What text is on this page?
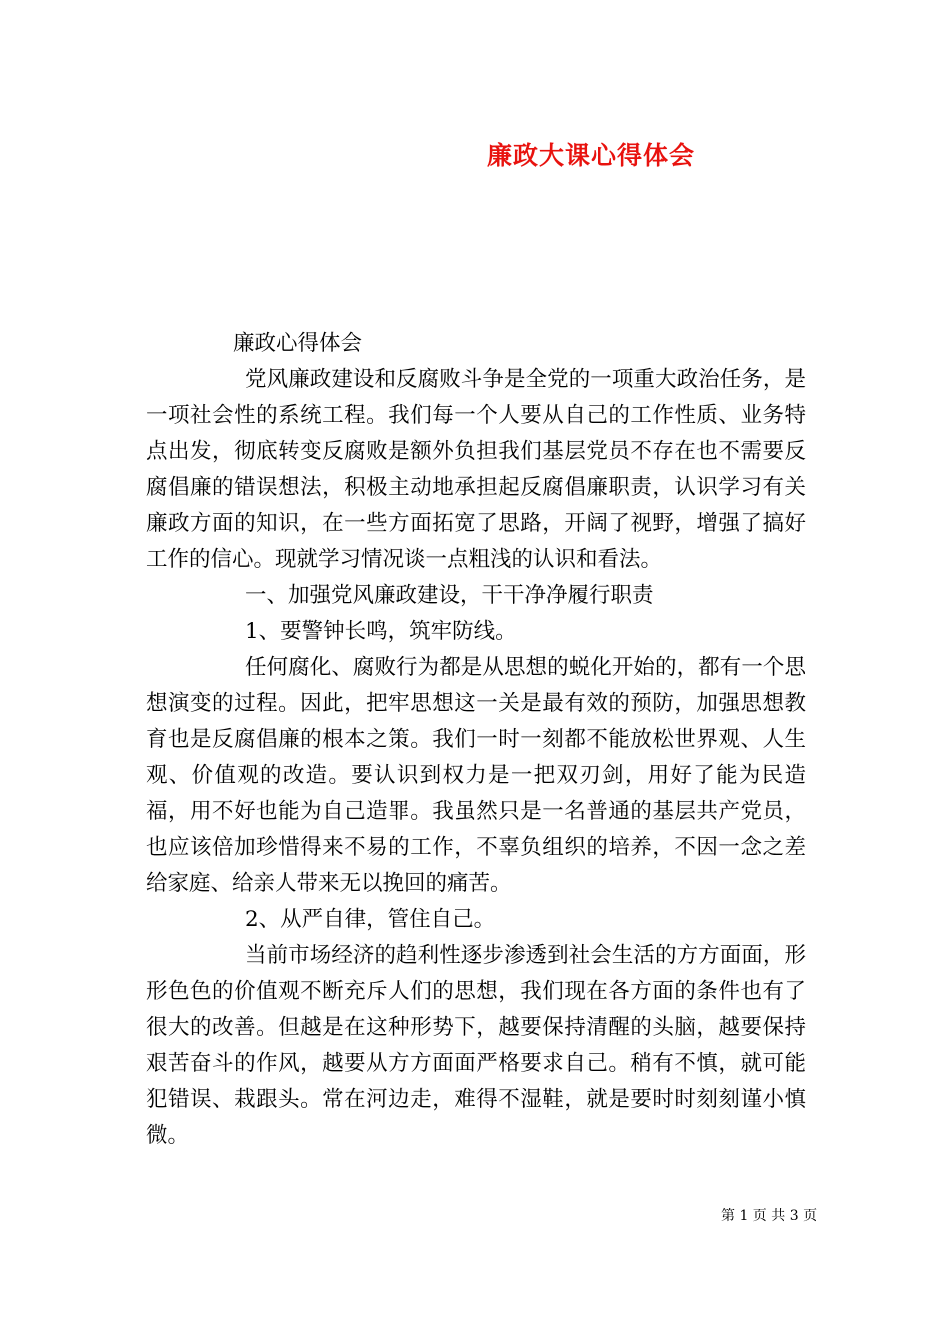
廉政大课心得体会

廉政心得体会

党风廉政建设和反腐败斗争是全党的一项重大政治任务，是一项社会性的系统工程。我们每一个人要从自己的工作性质、业务特点出发，彻底转变反腐败是额外负担我们基层党员不存在也不需要反腐倡廉的错误想法，积极主动地承担起反腐倡廉职责，认识学习有关廉政方面的知识，在一些方面拓宽了思路，开阔了视野，增强了搞好工作的信心。现就学习情况谈一点粗浅的认识和看法。

一、加强党风廉政建设，干干净净履行职责

1、要警钟长鸣，筑牢防线。

任何腐化、腐败行为都是从思想的蜕化开始的，都有一个思想演变的过程。因此，把牢思想这一关是最有效的预防，加强思想教育也是反腐倡廉的根本之策。我们一时一刻都不能放松世界观、人生观、价值观的改造。要认识到权力是一把双刃剑，用好了能为民造福，用不好也能为自己造罪。我虽然只是一名普通的基层共产党员，也应该倍加珍惜得来不易的工作，不辜负组织的培养，不因一念之差给家庭、给亲人带来无以挽回的痛苦。

2、从严自律，管住自己。

当前市场经济的趋利性逐步渗透到社会生活的方方面面，形形色色的价值观不断充斥人们的思想，我们现在各方面的条件也有了很大的改善。但越是在这种形势下，越要保持清醒的头脑，越要保持艰苦奋斗的作风，越要从方方面面严格要求自己。稍有不慎，就可能犯错误、栽跟头。常在河边走，难得不湿鞋，就是要时时刻刻谨小慎微。

第 1 页 共 3 页
